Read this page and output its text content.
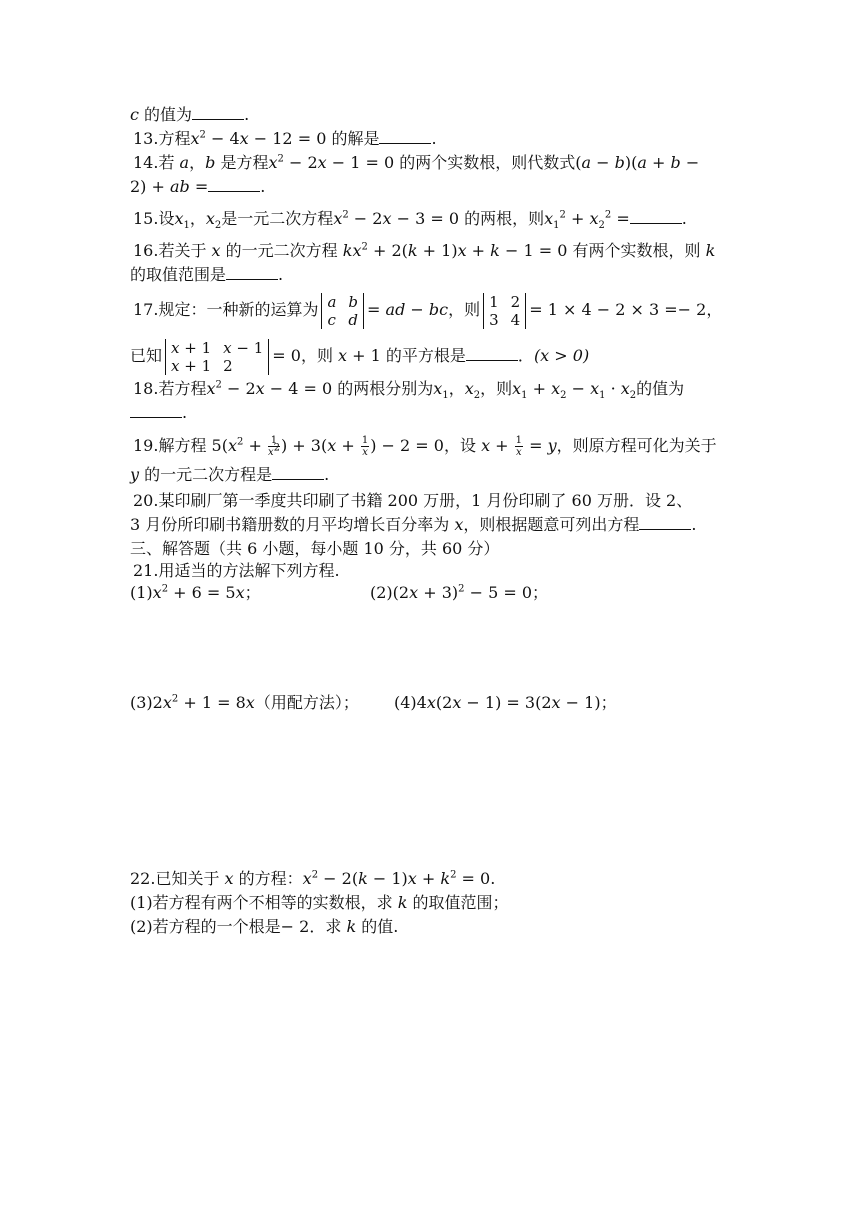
c 的值为	.
13.方程$x^2 - 4x - 12 = 0$ 的解是	.
14.若 a，b 是方程$x^2 - 2x - 1 = 0$ 的两个实数根，则代数式(a − b)(a + b −
2) + ab =	.
15.设$x_1$，$x_2$是一元二次方程$x^2 - 2x - 3 = 0$ 的两根，则$x_1^2 + x_2^2$ =	.
16.若关于 x 的一元二次方程 $kx^2 + 2(k + 1)x + k - 1 = 0$ 有两个实数根，则 k
的取值范围是	.
17.规定：一种新的运算为 a	b
c	d
= ad − bc，则 1	2
3	4
= 1 × 4 − 2 × 3 =− 2，
已知 x + 1	x − 1
x + 1	2
= 0，则 x + 1 的平方根是	．(x > 0)
18.若方程$x^2 - 2x - 4 = 0$ 的两根分别为$x_1$，$x_2$，则$x_1 + x_2 - x_1 \cdot x_2$的值为
.
19.解方程 $5(x^2 + \frac{1}{x^2}$ ) + $3(x + \frac{1}{x}$ ) − 2 = 0，设 $x + \frac{1}{x} = y$，则原方程可化为关于
y 的一元二次方程是	.
20.某印刷厂第一季度共印刷了书籍 200 万册，1 月份印刷了 60 万册．设 2、
3 月份所印刷书籍册数的月平均增长百分率为 x，则根据题意可列出方程	.
三、解答题（共 6 小题，每小题 10 分，共 60 分）
21.用适当的方法解下列方程.
$(1)x^2 + 6 = 5x$；	$(2)(2x + 3)^2 - 5 = 0$；
$(3)2x^2 + 1 = 8x$（用配方法）； (4)4x(2x − 1) = 3(2x − 1)；
22.已知关于 x 的方程：$x^2 - 2(k - 1)x + k^2 = 0$.
(1)若方程有两个不相等的实数根，求 k 的取值范围；
(2)若方程的一个根是− 2．求 k 的值.
